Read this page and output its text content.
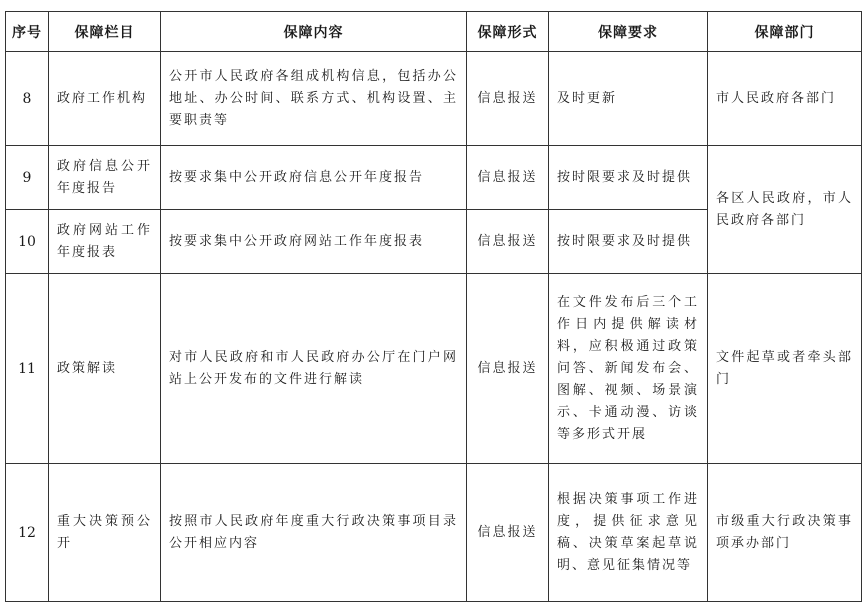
序号	保障栏目	保障内容	保障形式	保障要求	保障部门
8	政府工作机构	公开市人民政府各组成机构信息，包括办公地址、办公时间、联系方式、机构设置、主要职责等	信息报送	及时更新	市人民政府各部门
9	政府信息公开年度报告	按要求集中公开政府信息公开年度报告	信息报送	按时限要求及时提供	各区人民政府，市人民政府各部门
10	政府网站工作年度报表	按要求集中公开政府网站工作年度报表	信息报送	按时限要求及时提供	
11	政策解读	对市人民政府和市人民政府办公厅在门户网站上公开发布的文件进行解读	信息报送	在文件发布后三个工作日内提供解读材料，应积极通过政策问答、新闻发布会、图解、视频、场景演示、卡通动漫、访谈等多形式开展	文件起草或者牵头部门
12	重大决策预公开	按照市人民政府年度重大行政决策事项目录公开相应内容	信息报送	根据决策事项工作进度，提供征求意见稿、决策草案起草说明、意见征集情况等	市级重大行政决策事项承办部门
